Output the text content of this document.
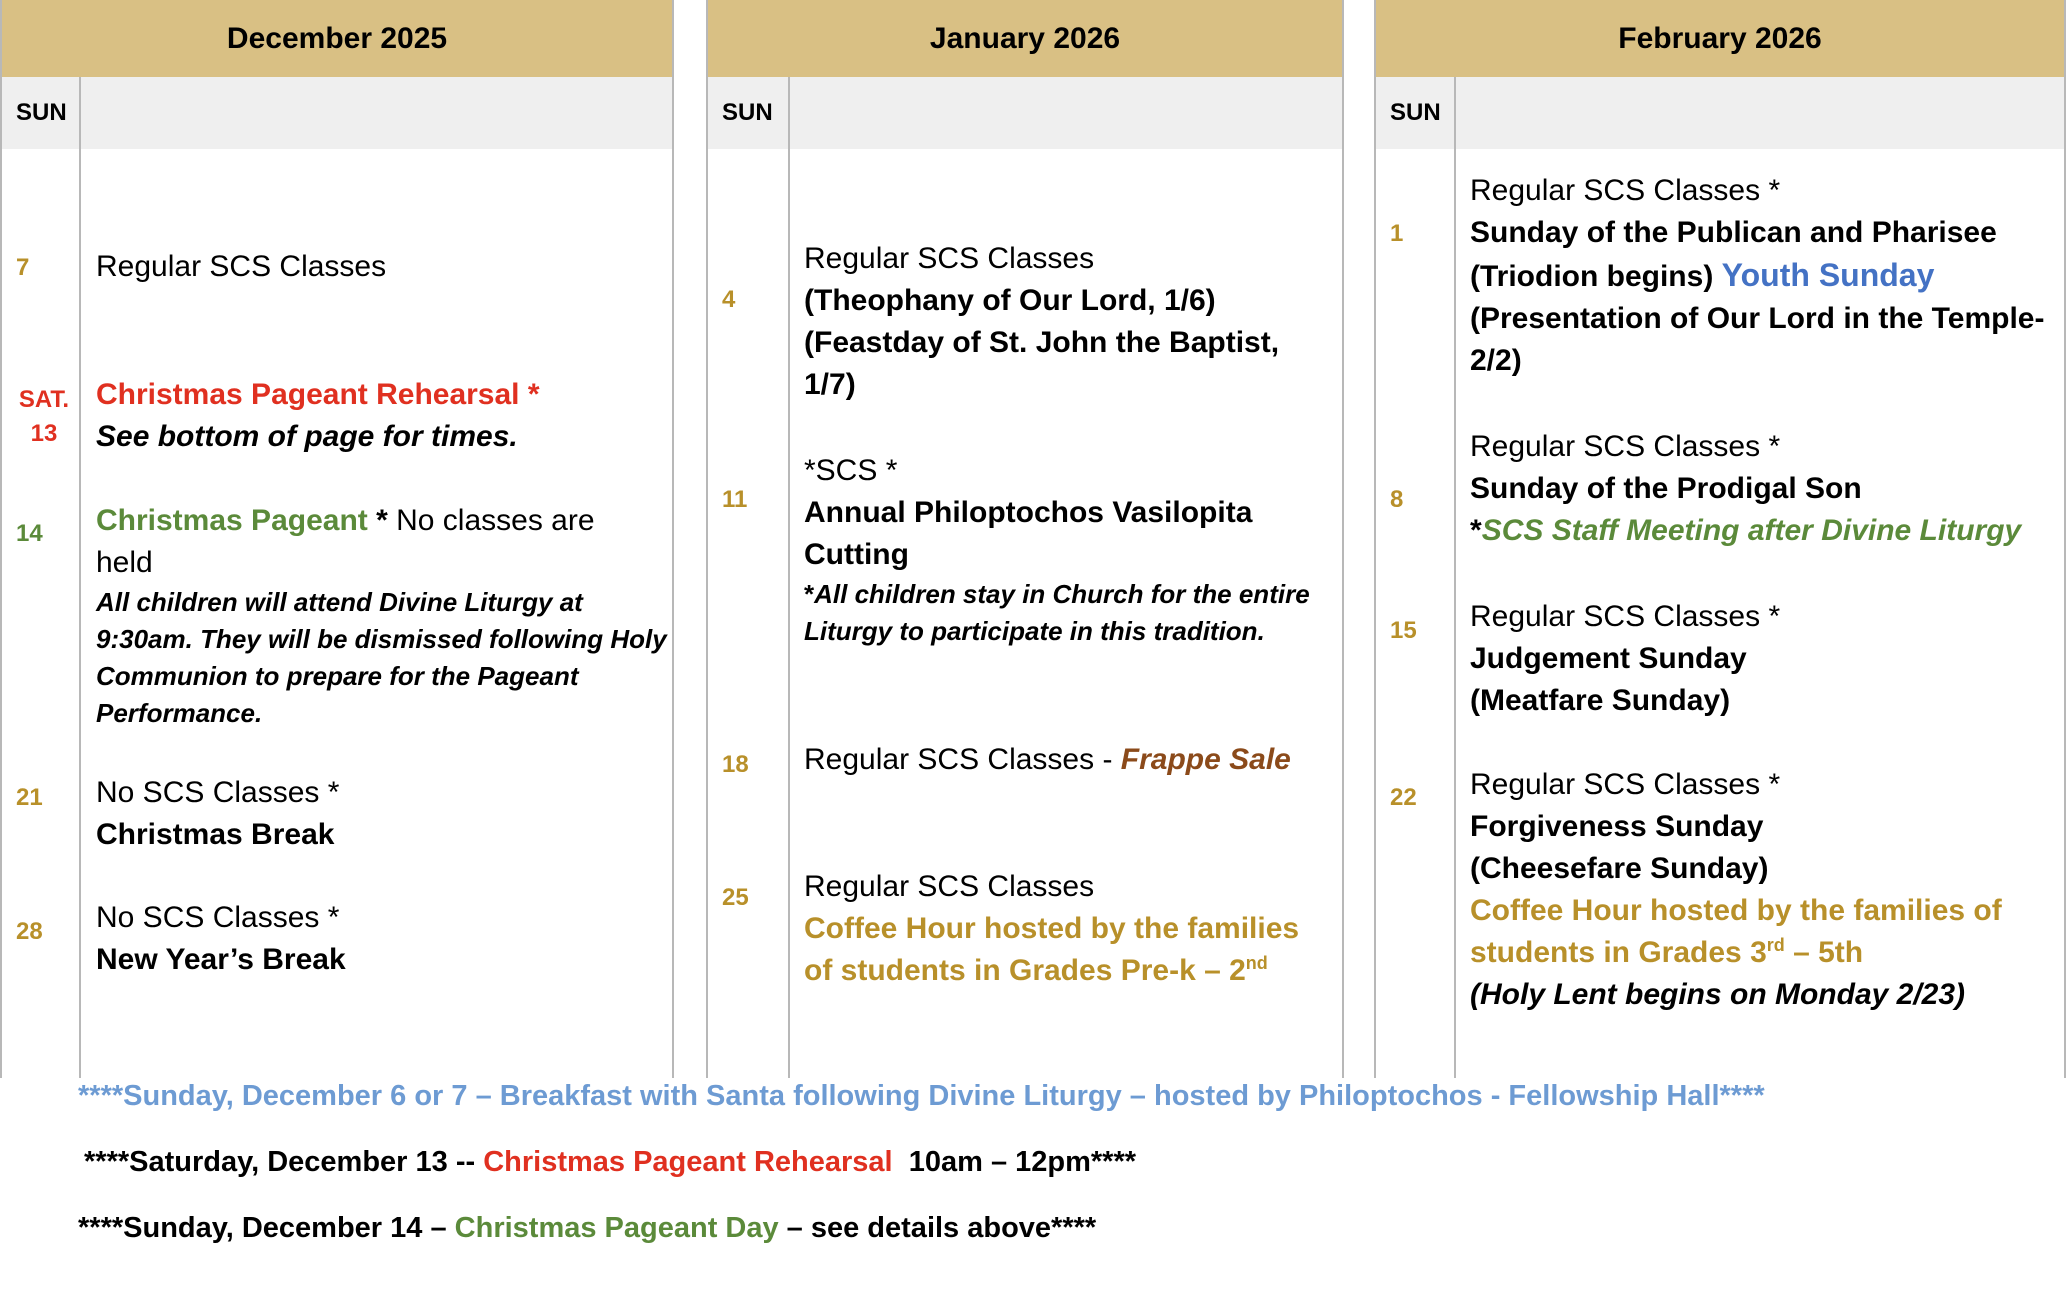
December 2025
SUN
7
SAT.
13
14
21
28
Regular SCS Classes
Christmas Pageant Rehearsal *
See bottom of page for times.
Christmas Pageant * No classes are
held
All children will attend Divine Liturgy at
9:30am. They will be dismissed following Holy
Communion to prepare for the Pageant
Performance.
No SCS Classes *
Christmas Break
No SCS Classes *
New Year’s Break
January 2026
SUN
4
11
18
25
Regular SCS Classes
(Theophany of Our Lord, 1/6)
(Feastday of St. John the Baptist,
1/7)
*SCS *
Annual Philoptochos Vasilopita
Cutting
*All children stay in Church for the entire
Liturgy to participate in this tradition.
Regular SCS Classes - Frappe Sale
Regular SCS Classes
Coffee Hour hosted by the families
of students in Grades Pre-k – 2nd
February 2026
SUN
1
8
15
22
Regular SCS Classes *
Sunday of the Publican and Pharisee
(Triodion begins) Youth Sunday
(Presentation of Our Lord in the Temple-
2/2)
Regular SCS Classes *
Sunday of the Prodigal Son
*SCS Staff Meeting after Divine Liturgy
Regular SCS Classes *
Judgement Sunday
(Meatfare Sunday)
Regular SCS Classes *
Forgiveness Sunday
(Cheesefare Sunday)
Coffee Hour hosted by the families of
students in Grades 3rd – 5th
(Holy Lent begins on Monday 2/23)
****Sunday, December 6 or 7 – Breakfast with Santa following Divine Liturgy – hosted by Philoptochos - Fellowship Hall****
****Saturday, December 13 -- Christmas Pageant Rehearsal  10am – 12pm****
****Sunday, December 14 – Christmas Pageant Day – see details above****
